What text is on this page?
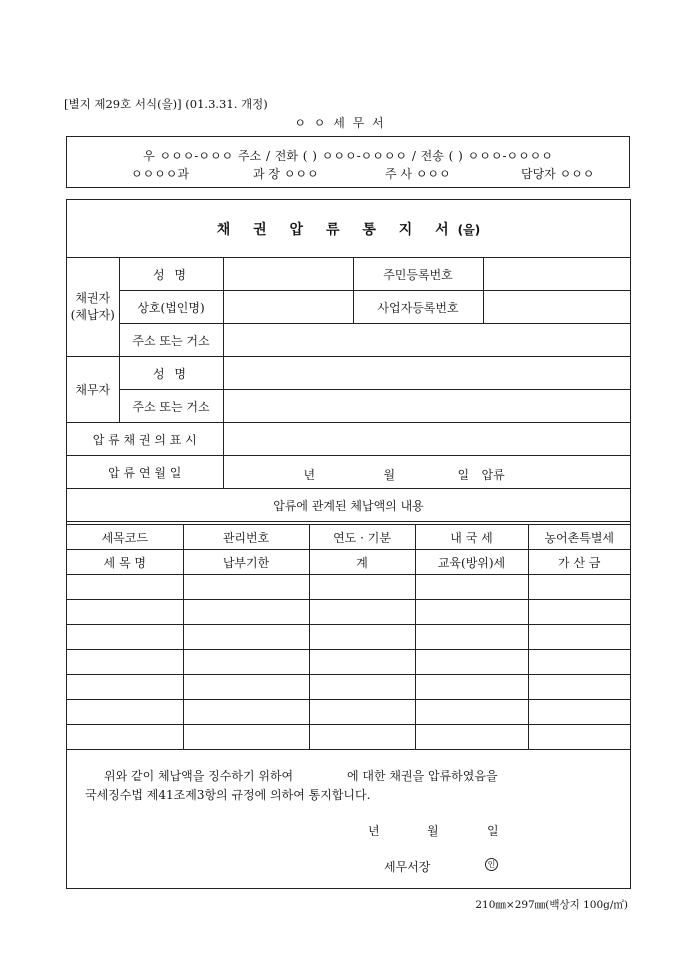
[별지 제29호 서식(을)] (01.3.31. 개정)
ㅇ ㅇ 세 무 서
우 ㅇㅇㅇ-ㅇㅇㅇ 주소 / 전화 ( ) ㅇㅇㅇ-ㅇㅇㅇㅇ / 전송 ( ) ㅇㅇㅇ-ㅇㅇㅇㅇ
ㅇㅇㅇㅇ과	과 장 ㅇㅇㅇ	주 사 ㅇㅇㅇ	담당자 ㅇㅇㅇ
채 권 압 류 통 지 서(을)
채권자
(체납자)	성 명		주민등록번호	
	상호(법인명)		사업자등록번호	
	주소 또는 거소			
채무자	성 명			
	주소 또는 거소			
압 류 채 권 의 표 시				
압 류 연 월 일		년 월 일 압류		

압류에 관계된 체납액의 내용				
세목코드	관리번호	연도 · 기분	내 국 세	농어촌특별세
세 목 명	납부기한	계	교육(방위)세	가 산 금

위와 같이 체납액을 징수하기 위하여	에 대한 채권을 압류하였음을
국세징수법 제41조제3항의 규정에 의하여 통지합니다.
년	월	일
세무서장	인
210㎜×297㎜(백상지 100g/㎡)
